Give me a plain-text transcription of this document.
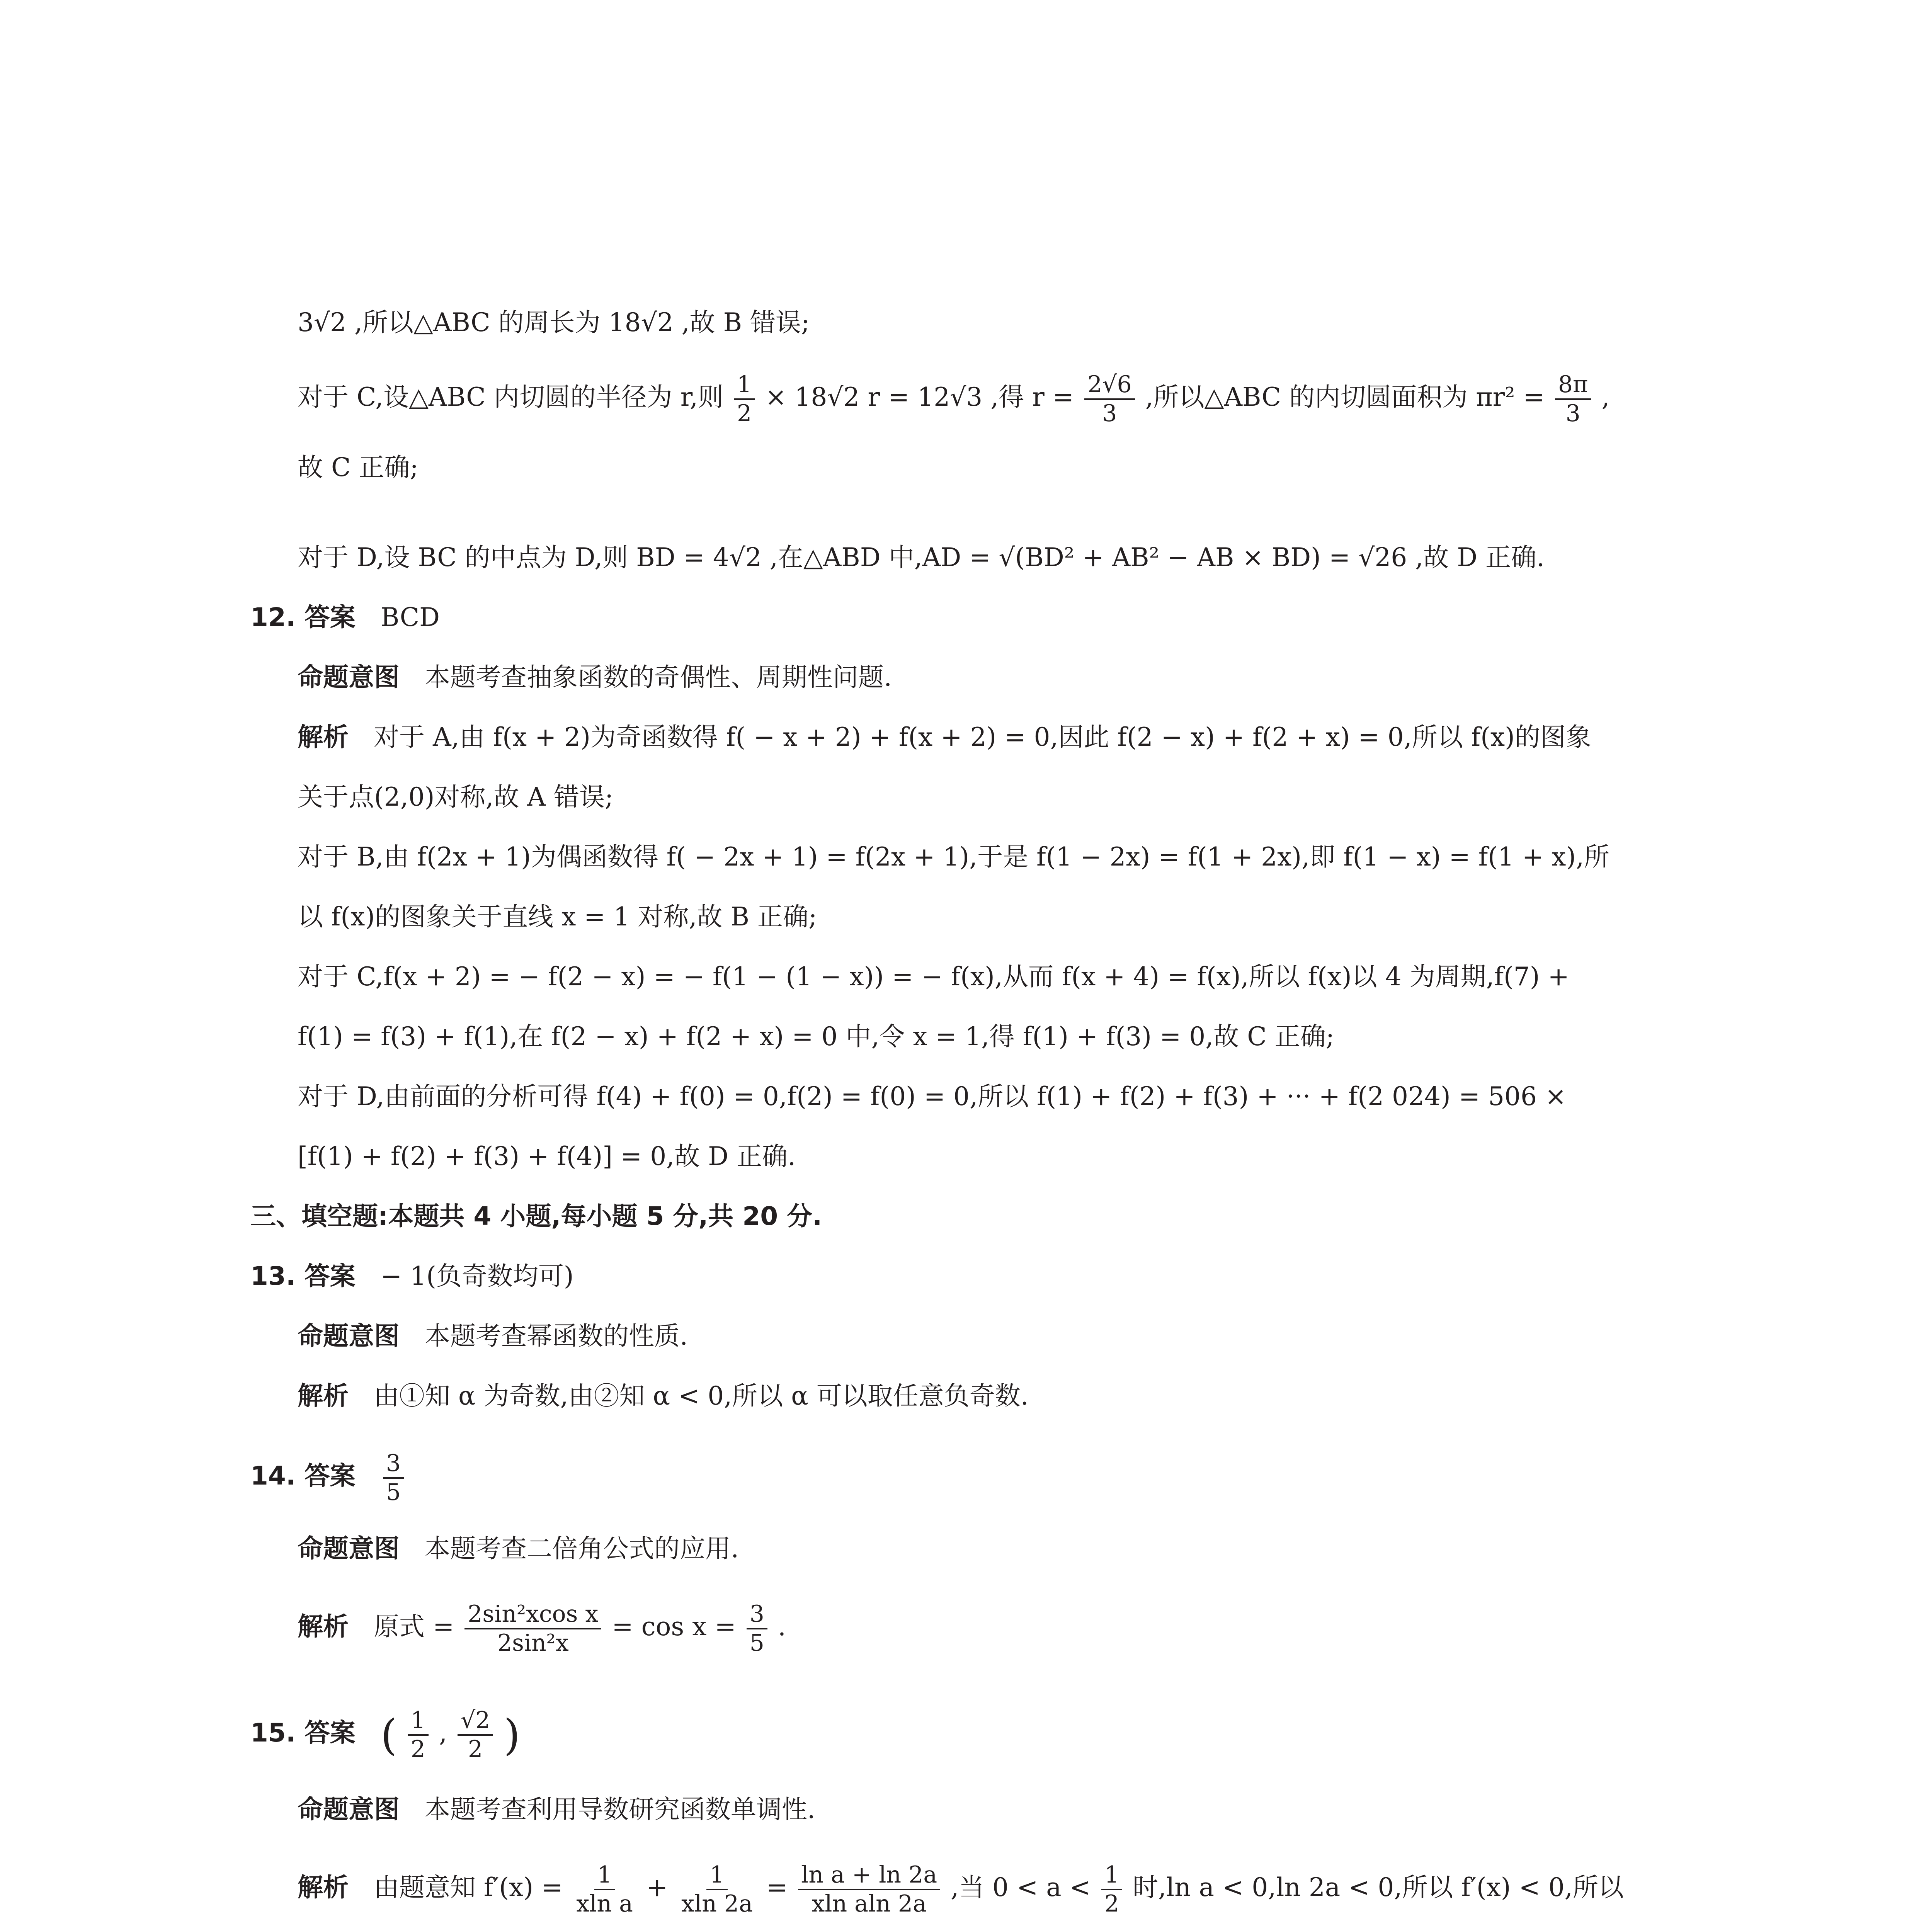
3√2 ,所以△ABC 的周长为 18√2 ,故 B 错误;
对于 C,设△ABC 内切圆的半径为 r,则 $\frac{1}{2} \times 18√2$ r = 12√3 ,得 $r = \frac{2√6}{3}$ ,所以△ABC 的内切圆面积为 $\pi r^2 = \frac{8\pi}{3}$ ,
故 C 正确;
对于 D,设 BC 的中点为 D,则 BD = 4√2 ,在△ABD 中,AD = √(BD² + AB² − AB × BD) = √26 ,故 D 正确.
12. 答案 BCD
命题意图 本题考查抽象函数的奇偶性、周期性问题.
解析 对于 A,由 f(x + 2)为奇函数得 f( − x + 2) + f(x + 2) = 0,因此 f(2 − x) + f(2 + x) = 0,所以 f(x)的图象
关于点(2,0)对称,故 A 错误;
对于 B,由 f(2x + 1)为偶函数得 f( − 2x + 1) = f(2x + 1),于是 f(1 − 2x) = f(1 + 2x),即 f(1 − x) = f(1 + x),所
以 f(x)的图象关于直线 x = 1 对称,故 B 正确;
对于 C,f(x + 2) = − f(2 − x) = − f(1 − (1 − x)) = − f(x),从而 f(x + 4) = f(x),所以 f(x)以 4 为周期,f(7) +
f(1) = f(3) + f(1),在 f(2 − x) + f(2 + x) = 0 中,令 x = 1,得 f(1) + f(3) = 0,故 C 正确;
对于 D,由前面的分析可得 f(4) + f(0) = 0,f(2) = f(0) = 0,所以 f(1) + f(2) + f(3) + ··· + f(2 024) = 506 ×
[f(1) + f(2) + f(3) + f(4)] = 0,故 D 正确.
三、填空题:本题共 4 小题,每小题 5 分,共 20 分.
13. 答案 − 1(负奇数均可)
命题意图 本题考查幂函数的性质.
解析 由①知 α 为奇数,由②知 α < 0,所以 α 可以取任意负奇数.
14. 答案 $\frac{3}{5}$
命题意图 本题考查二倍角公式的应用.
解析 原式 = $\frac{\text{2sin²xcos x}}{\text{2sin²x}} = \cos x = \frac{3}{5}$ .
15. 答案 ( $\frac{1}{2}$ , $\frac{√2}{2}$ )
命题意图 本题考查利用导数研究函数单调性.
解析 由题意知 $f'(x) = \frac{1}{\text{xln a}} + \frac{1}{xln 2a} = \frac{\text{ln a + ln 2a}}{\text{xln aln 2a}}$ ,当 $0 < a < \frac{1}{2}$ 时,ln a < 0,ln 2a < 0,所以 f′(x) < 0,所以
